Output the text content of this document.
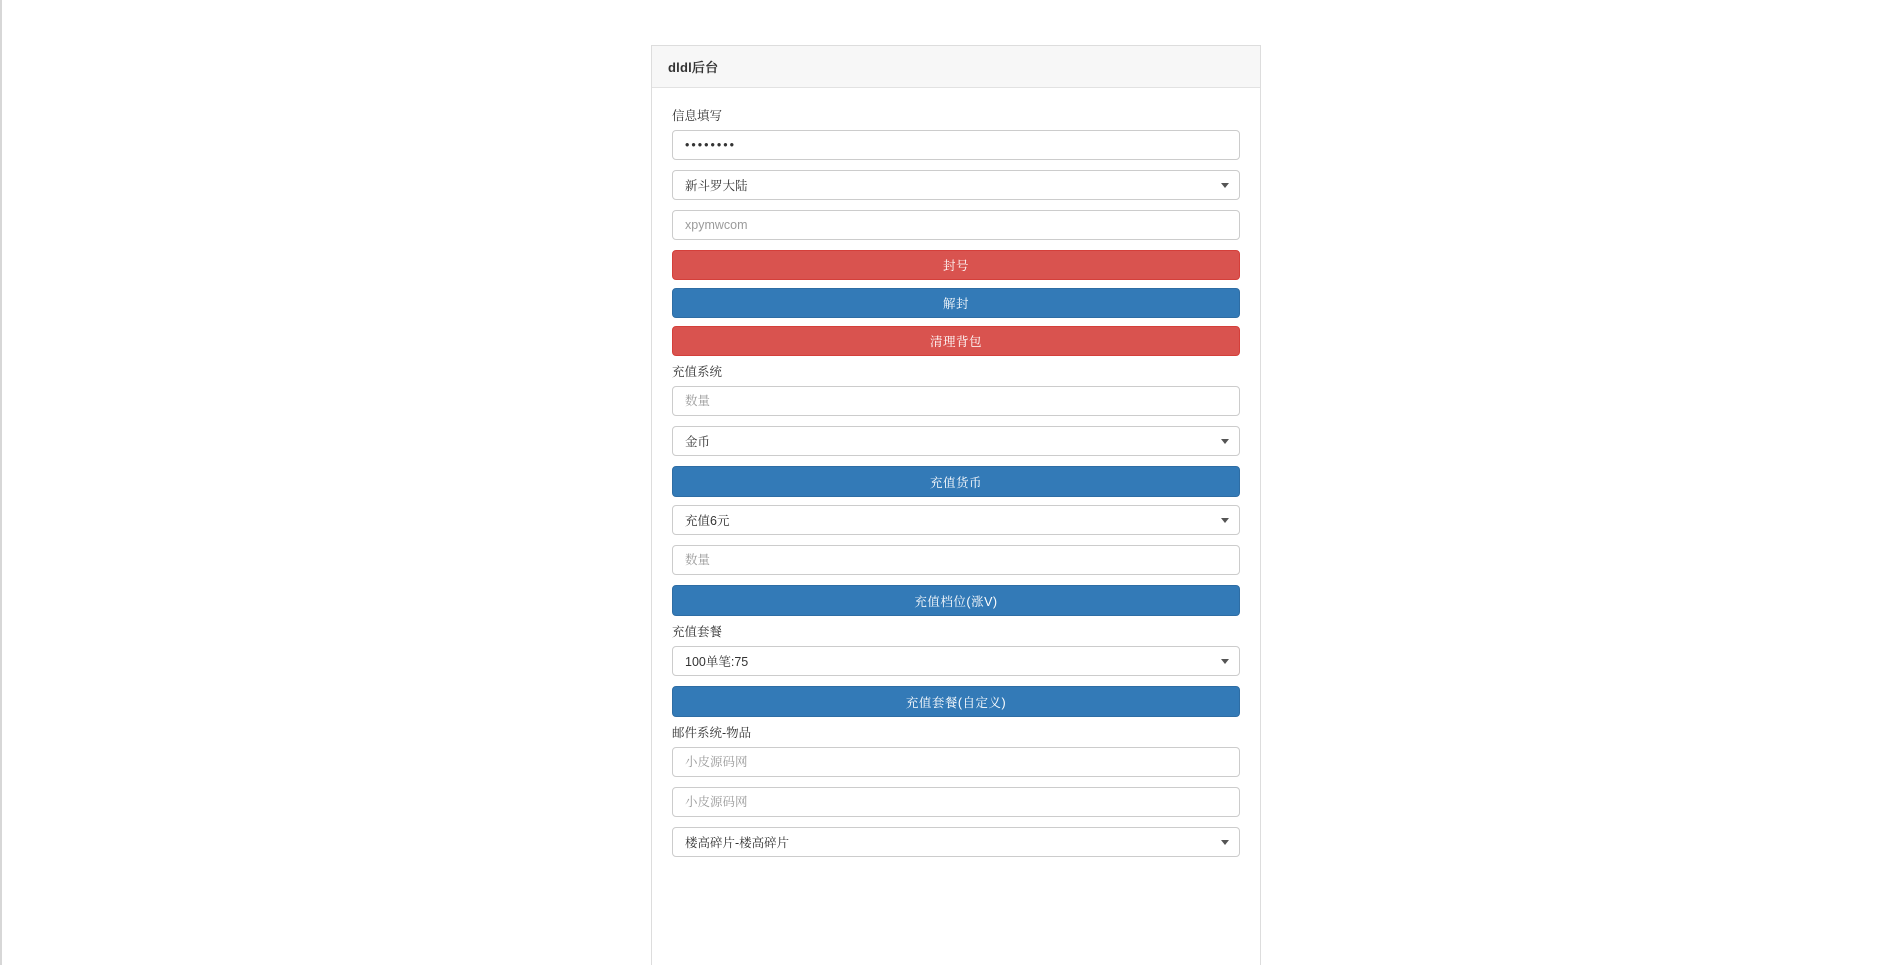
dldl后台
信息填写
••••••••
新斗罗大陆
xpymwcom
封号
解封
清理背包
充值系统
数量
金币
充值货币
充值6元
数量
充值档位(涨V)
充值套餐
100单笔:75
充值套餐(自定义)
邮件系统-物品
小皮源码网
小皮源码网
楼高碎片-楼高碎片
